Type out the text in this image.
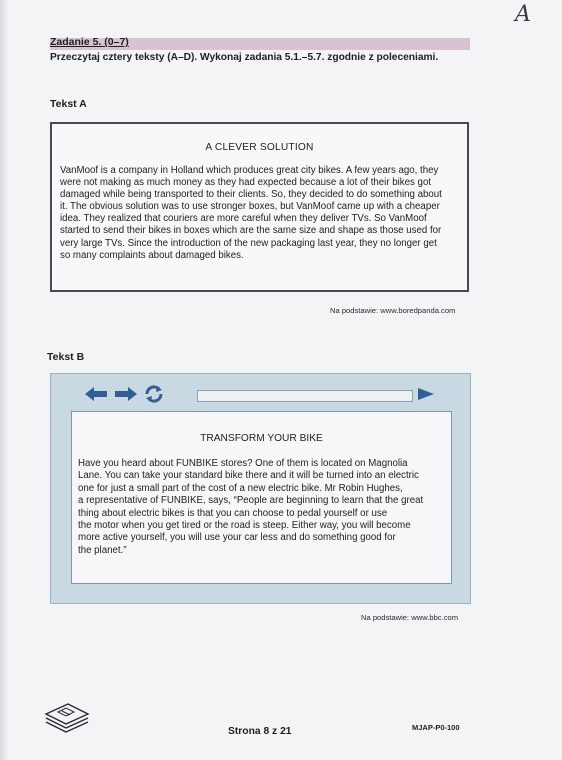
A
Zadanie 5. (0–7)
Przeczytaj cztery teksty (A–D). Wykonaj zadania 5.1.–5.7. zgodnie z poleceniami.
Tekst A
A CLEVER SOLUTION
VanMoof is a company in Holland which produces great city bikes. A few years ago, they
were not making as much money as they had expected because a lot of their bikes got
damaged while being transported to their clients. So, they decided to do something about
it. The obvious solution was to use stronger boxes, but VanMoof came up with a cheaper
idea. They realized that couriers are more careful when they deliver TVs. So VanMoof
started to send their bikes in boxes which are the same size and shape as those used for
very large TVs. Since the introduction of the new packaging last year, they no longer get
so many complaints about damaged bikes.
Na podstawie: www.boredpanda.com
Tekst B
TRANSFORM YOUR BIKE
Have you heard about FUNBIKE stores? One of them is located on Magnolia
Lane. You can take your standard bike there and it will be turned into an electric
one for just a small part of the cost of a new electric bike. Mr Robin Hughes,
a representative of FUNBIKE, says, “People are beginning to learn that the great
thing about electric bikes is that you can choose to pedal yourself or use
the motor when you get tired or the road is steep. Either way, you will become
more active yourself, you will use your car less and do something good for
the planet.”
Na podstawie: www.bbc.com
Strona 8 z 21	MJAP-P0-100
